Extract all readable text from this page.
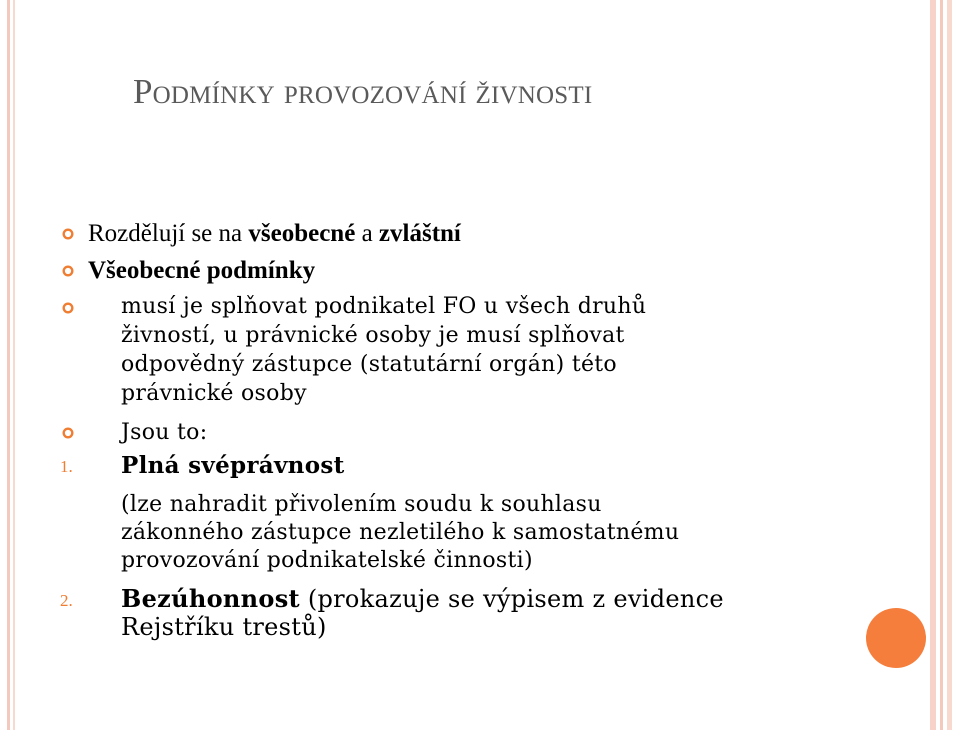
Podmínky provozování živnosti
Rozdělují se na všeobecné a zvláštní
Všeobecné podmínky
musí je splňovat podnikatel FO u všech druhů
živností, u právnické osoby je musí splňovat
odpovědný zástupce (statutární orgán) této
právnické osoby
Jsou to:
1. Plná svéprávnost
(lze nahradit přivolením soudu k souhlasu
zákonného zástupce nezletilého k samostatnému
provozování podnikatelské činnosti)
2. Bezúhonnost (prokazuje se výpisem z evidence
Rejstříku trestů)
